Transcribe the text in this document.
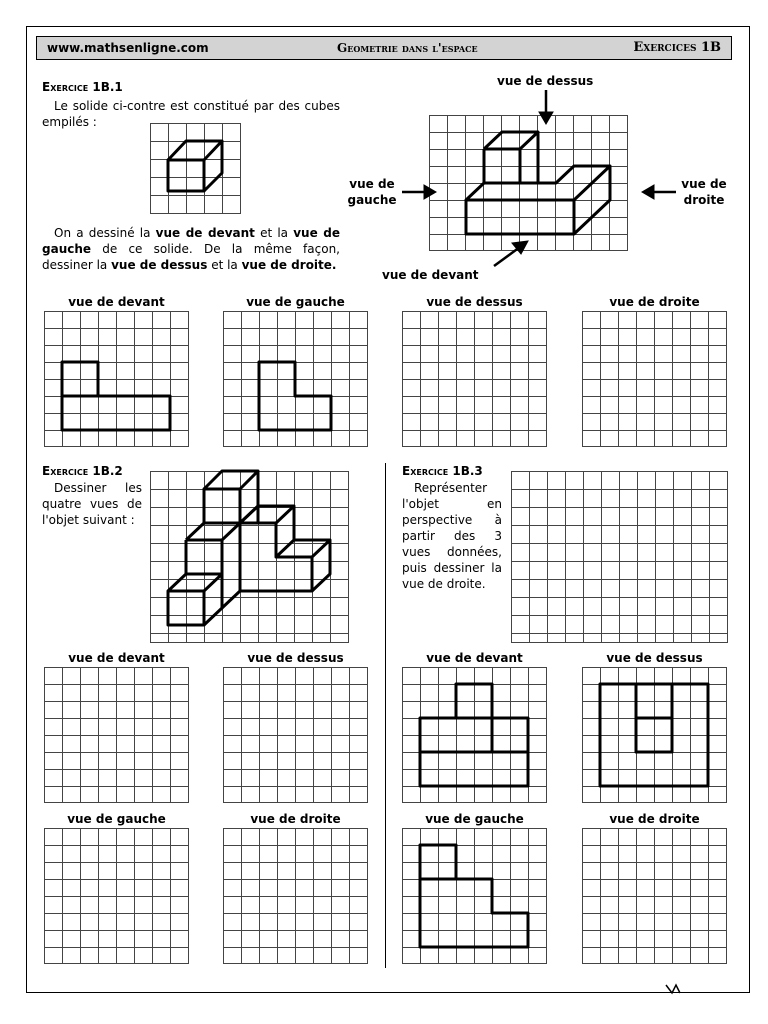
www.mathsenligne.com	Geometrie dans l'espace	Exercices 1B
Exercice 1B.1
Le solide ci-contre est constitué par des cubes empilés :
On a dessiné la vue de devant et la vue de gauche de ce solide. De la même façon, dessiner la vue de dessus et la vue de droite.
vue de dessus
vue de gauche
vue de droite
vue de devant
vue de devant	vue de gauche	vue de dessus	vue de droite
Exercice 1B.2
Dessiner les quatre vues de l'objet suivant :
vue de devant	vue de dessus
vue de gauche	vue de droite
Exercice 1B.3
Représenter l'objet en perspective à partir des 3 vues données, puis dessiner la vue de droite.
vue de devant	vue de dessus
vue de gauche	vue de droite
